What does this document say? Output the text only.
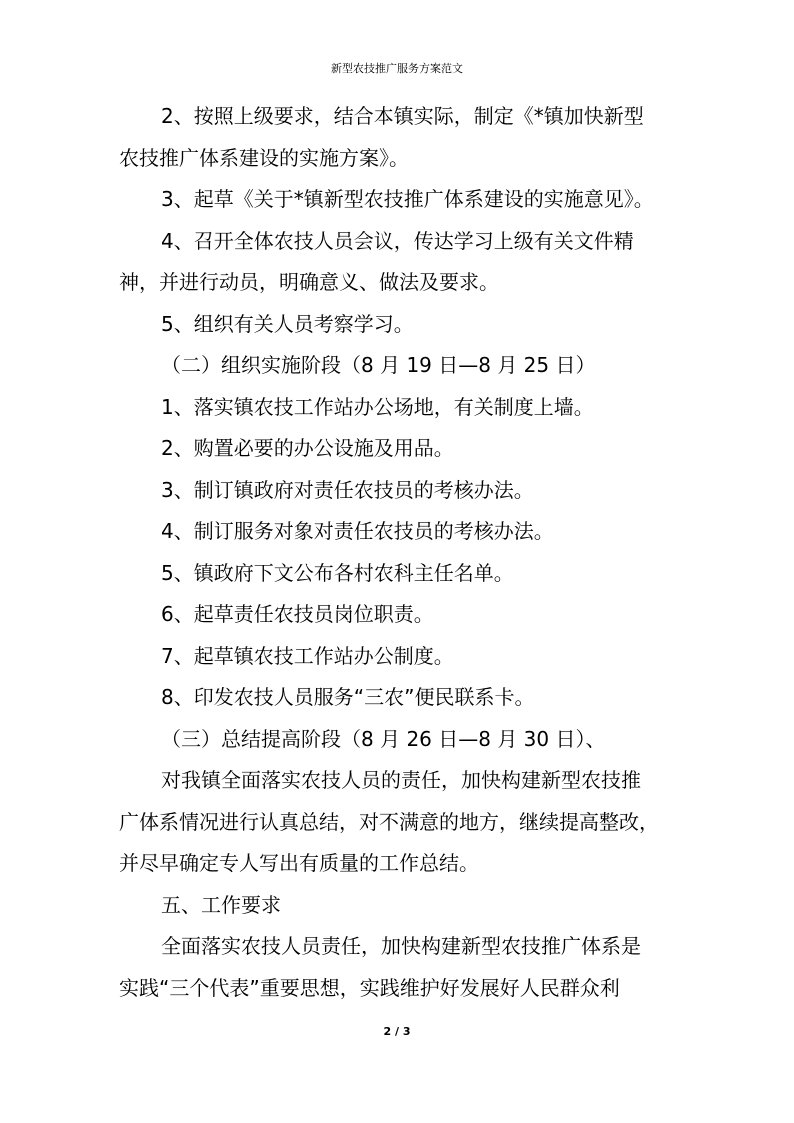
新型农技推广服务方案范文

2、按照上级要求，结合本镇实际，制定《*镇加快新型

农技推广体系建设的实施方案》。

3、起草《关于*镇新型农技推广体系建设的实施意见》。

4、召开全体农技人员会议，传达学习上级有关文件精

神，并进行动员，明确意义、做法及要求。

5、组织有关人员考察学习。

（二）组织实施阶段（8 月 19 日—8 月 25 日）

1、落实镇农技工作站办公场地，有关制度上墙。

2、购置必要的办公设施及用品。

3、制订镇政府对责任农技员的考核办法。

4、制订服务对象对责任农技员的考核办法。

5、镇政府下文公布各村农科主任名单。

6、起草责任农技员岗位职责。

7、起草镇农技工作站办公制度。

8、印发农技人员服务“三农”便民联系卡。

（三）总结提高阶段（8 月 26 日—8 月 30 日）、

对我镇全面落实农技人员的责任，加快构建新型农技推

广体系情况进行认真总结，对不满意的地方，继续提高整改，

并尽早确定专人写出有质量的工作总结。

五、工作要求

全面落实农技人员责任，加快构建新型农技推广体系是

实践“三个代表”重要思想，实践维护好发展好人民群众利

2 / 3
